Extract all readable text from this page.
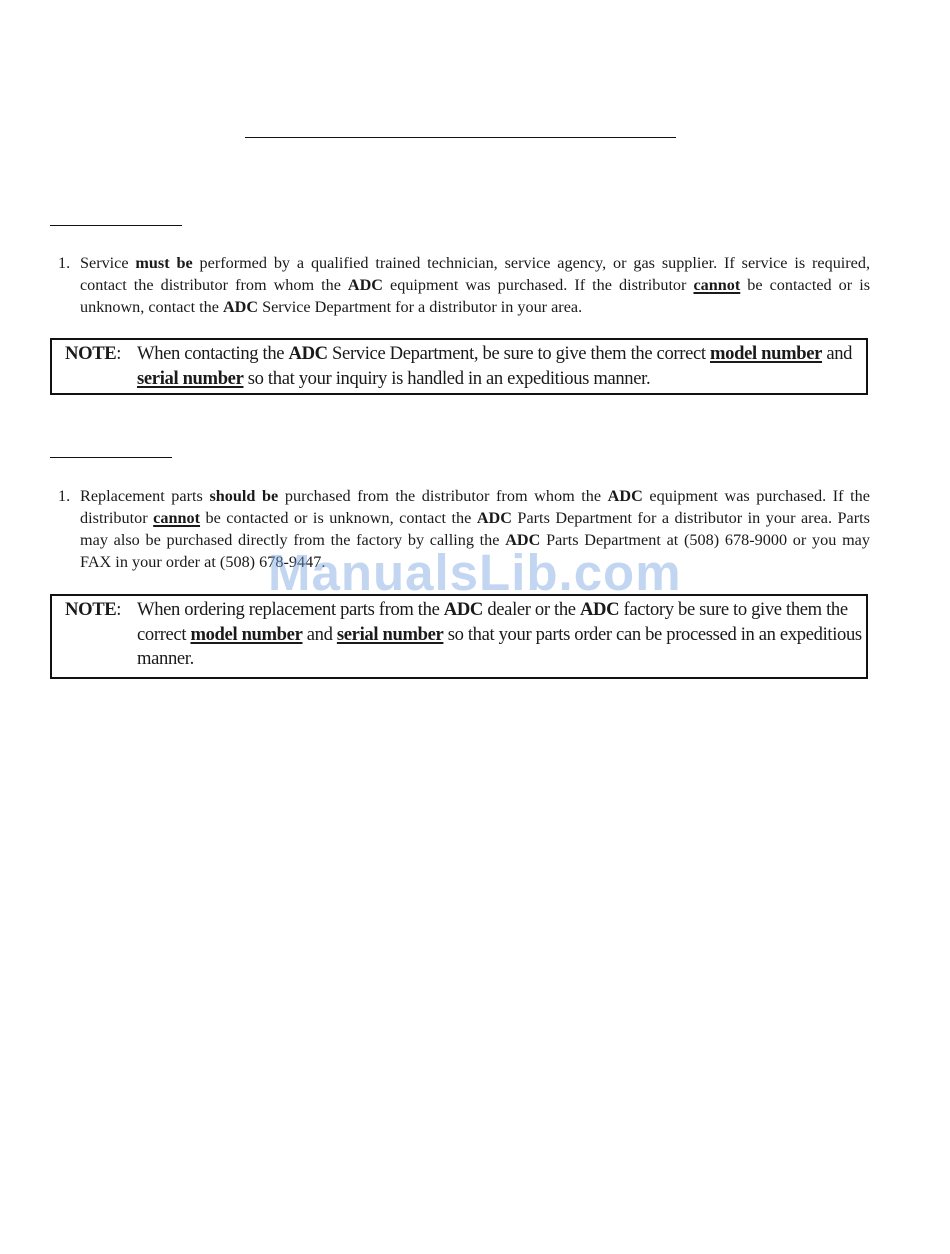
1. Service must be performed by a qualified trained technician, service agency, or gas supplier. If service is required, contact the distributor from whom the ADC equipment was purchased. If the distributor cannot be contacted or is unknown, contact the ADC Service Department for a distributor in your area.
NOTE: When contacting the ADC Service Department, be sure to give them the correct model number and serial number so that your inquiry is handled in an expeditious manner.
1. Replacement parts should be purchased from the distributor from whom the ADC equipment was purchased. If the distributor cannot be contacted or is unknown, contact the ADC Parts Department for a distributor in your area. Parts may also be purchased directly from the factory by calling the ADC Parts Department at (508) 678-9000 or you may FAX in your order at (508) 678-9447.
NOTE: When ordering replacement parts from the ADC dealer or the ADC factory be sure to give them the correct model number and serial number so that your parts order can be processed in an expeditious manner.
ManualsLib.com
